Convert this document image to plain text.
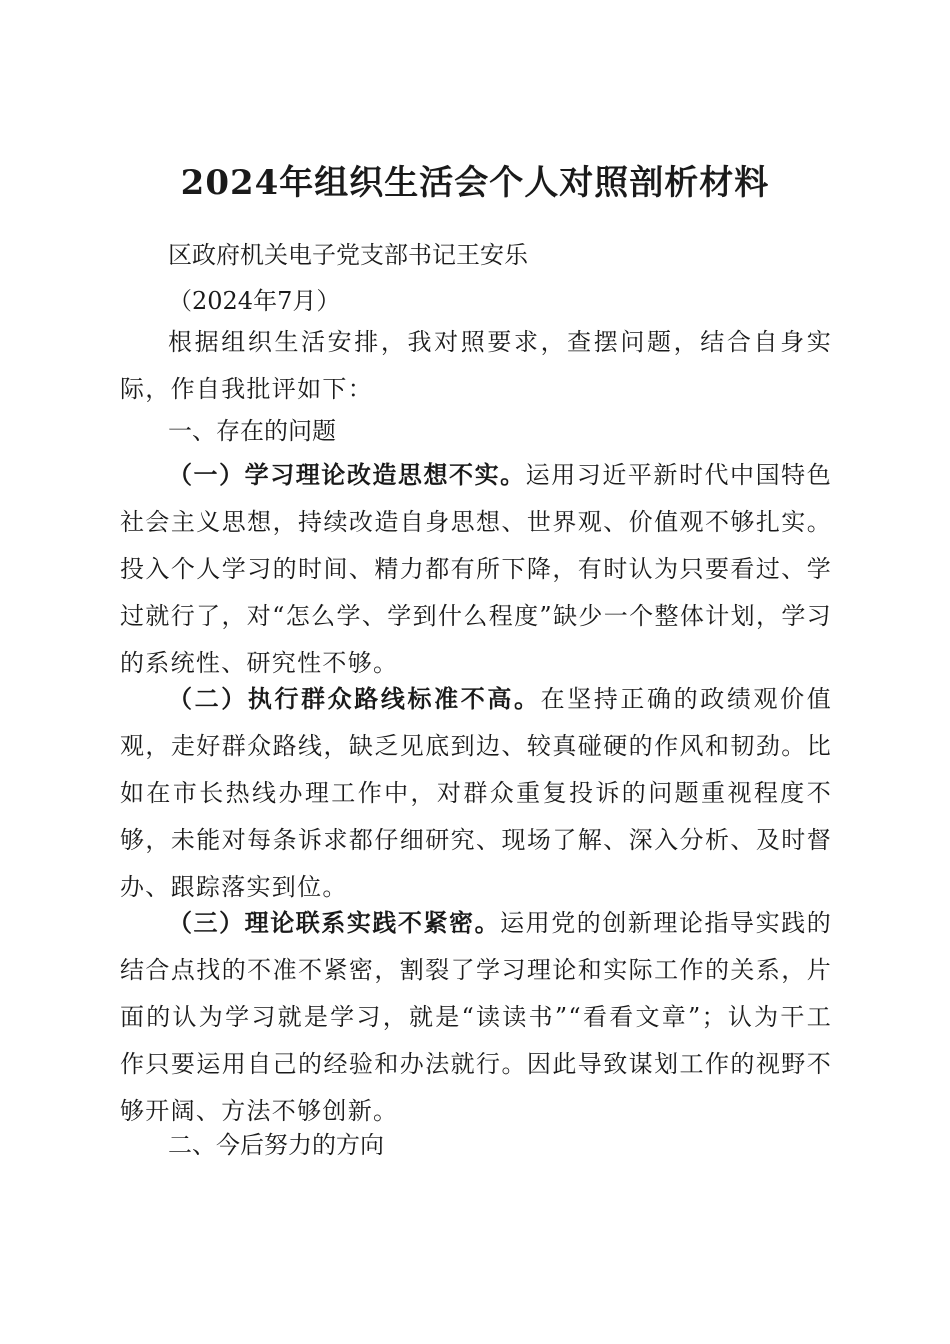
2024年组织生活会个人对照剖析材料

区政府机关电子党支部书记王安乐

（2024年7月）

根据组织生活安排，我对照要求，查摆问题，结合自身实际，作自我批评如下：

一、存在的问题

（一）学习理论改造思想不实。运用习近平新时代中国特色社会主义思想，持续改造自身思想、世界观、价值观不够扎实。投入个人学习的时间、精力都有所下降，有时认为只要看过、学过就行了，对“怎么学、学到什么程度”缺少一个整体计划，学习的系统性、研究性不够。

（二）执行群众路线标准不高。在坚持正确的政绩观价值观，走好群众路线，缺乏见底到边、较真碰硬的作风和韧劲。比如在市长热线办理工作中，对群众重复投诉的问题重视程度不够，未能对每条诉求都仔细研究、现场了解、深入分析、及时督办、跟踪落实到位。

（三）理论联系实践不紧密。运用党的创新理论指导实践的结合点找的不准不紧密，割裂了学习理论和实际工作的关系，片面的认为学习就是学习，就是“读读书”“看看文章”；认为干工作只要运用自己的经验和办法就行。因此导致谋划工作的视野不够开阔、方法不够创新。

二、今后努力的方向
